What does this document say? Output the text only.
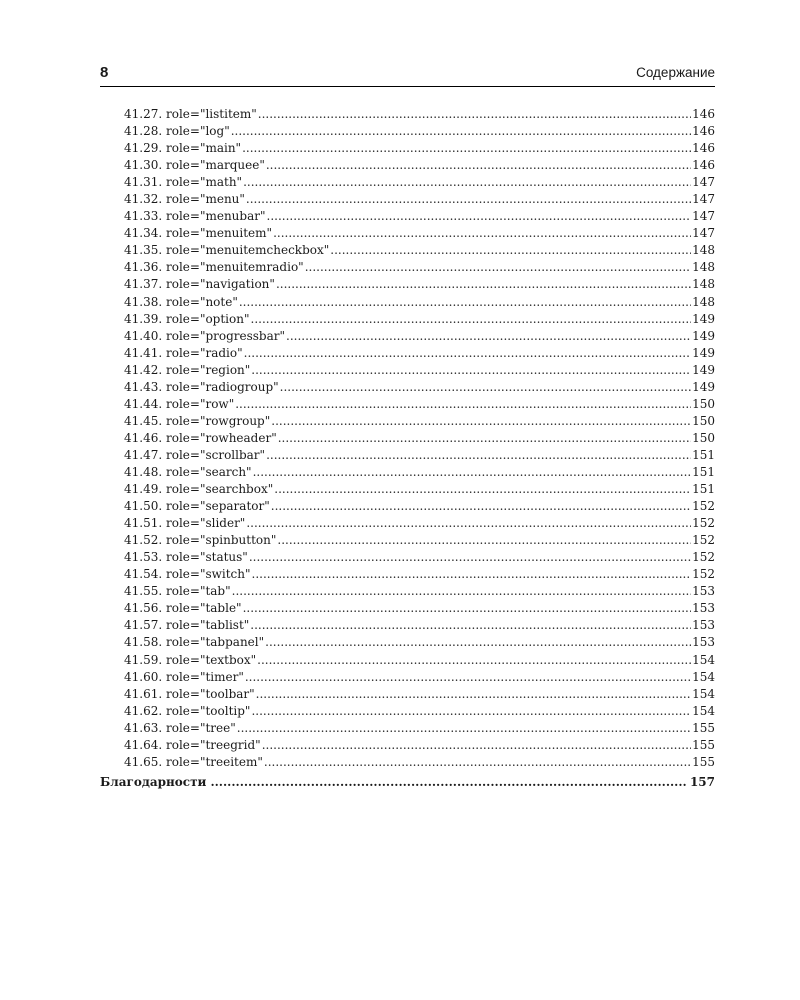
8	Содержание
41.27. role="listitem" .....	146
41.28. role="log" .....	146
41.29. role="main" .....	146
41.30. role="marquee" .....	146
41.31. role="math" .....	147
41.32. role="menu" .....	147
41.33. role="menubar" .....	147
41.34. role="menuitem" .....	147
41.35. role="menuitemcheckbox" .....	148
41.36. role="menuitemradio" .....	148
41.37. role="navigation" .....	148
41.38. role="note" .....	148
41.39. role="option" .....	149
41.40. role="progressbar" .....	149
41.41. role="radio" .....	149
41.42. role="region" .....	149
41.43. role="radiogroup" .....	149
41.44. role="row" .....	150
41.45. role="rowgroup" .....	150
41.46. role="rowheader" .....	150
41.47. role="scrollbar" .....	151
41.48. role="search" .....	151
41.49. role="searchbox" .....	151
41.50. role="separator" .....	152
41.51. role="slider" .....	152
41.52. role="spinbutton" .....	152
41.53. role="status" .....	152
41.54. role="switch" .....	152
41.55. role="tab" .....	153
41.56. role="table" .....	153
41.57. role="tablist" .....	153
41.58. role="tabpanel" .....	153
41.59. role="textbox" .....	154
41.60. role="timer" .....	154
41.61. role="toolbar" .....	154
41.62. role="tooltip" .....	154
41.63. role="tree" .....	155
41.64. role="treegrid" .....	155
41.65. role="treeitem" .....	155
Благодарности .....	157
